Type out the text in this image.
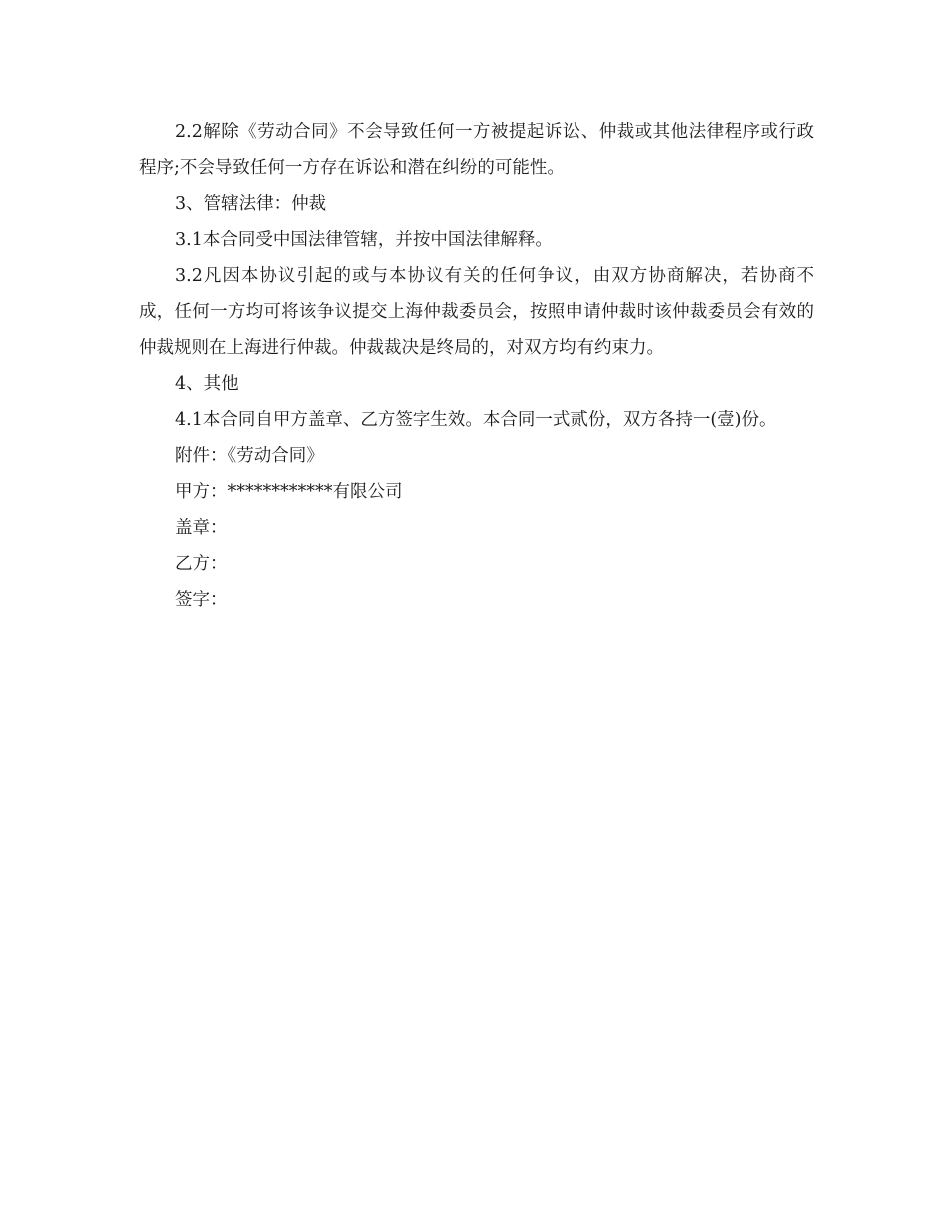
2.2解除《劳动合同》不会导致任何一方被提起诉讼、仲裁或其他法律程序或行政程序;不会导致任何一方存在诉讼和潜在纠纷的可能性。

3、管辖法律：仲裁

3.1本合同受中国法律管辖，并按中国法律解释。

3.2凡因本协议引起的或与本协议有关的任何争议，由双方协商解决，若协商不成，任何一方均可将该争议提交上海仲裁委员会，按照申请仲裁时该仲裁委员会有效的仲裁规则在上海进行仲裁。仲裁裁决是终局的，对双方均有约束力。

4、其他

4.1本合同自甲方盖章、乙方签字生效。本合同一式贰份，双方各持一(壹)份。

附件：《劳动合同》

甲方：************有限公司

盖章：

乙方：

签字：
